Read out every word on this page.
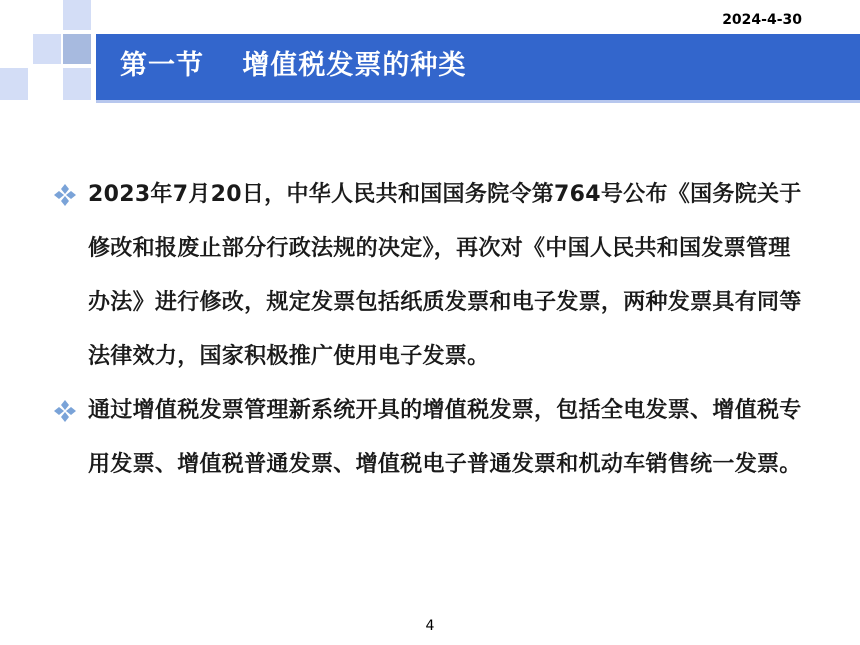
2024-4-30
第一节　 增值税发票的种类
2023年7月20日，中华人民共和国国务院令第764号公布《国务院关于修改和报废止部分行政法规的决定》，再次对《中国人民共和国发票管理办法》进行修改，规定发票包括纸质发票和电子发票，两种发票具有同等法律效力，国家积极推广使用电子发票。
通过增值税发票管理新系统开具的增值税发票，包括全电发票、增值税专用发票、增值税普通发票、增值税电子普通发票和机动车销售统一发票。
4
